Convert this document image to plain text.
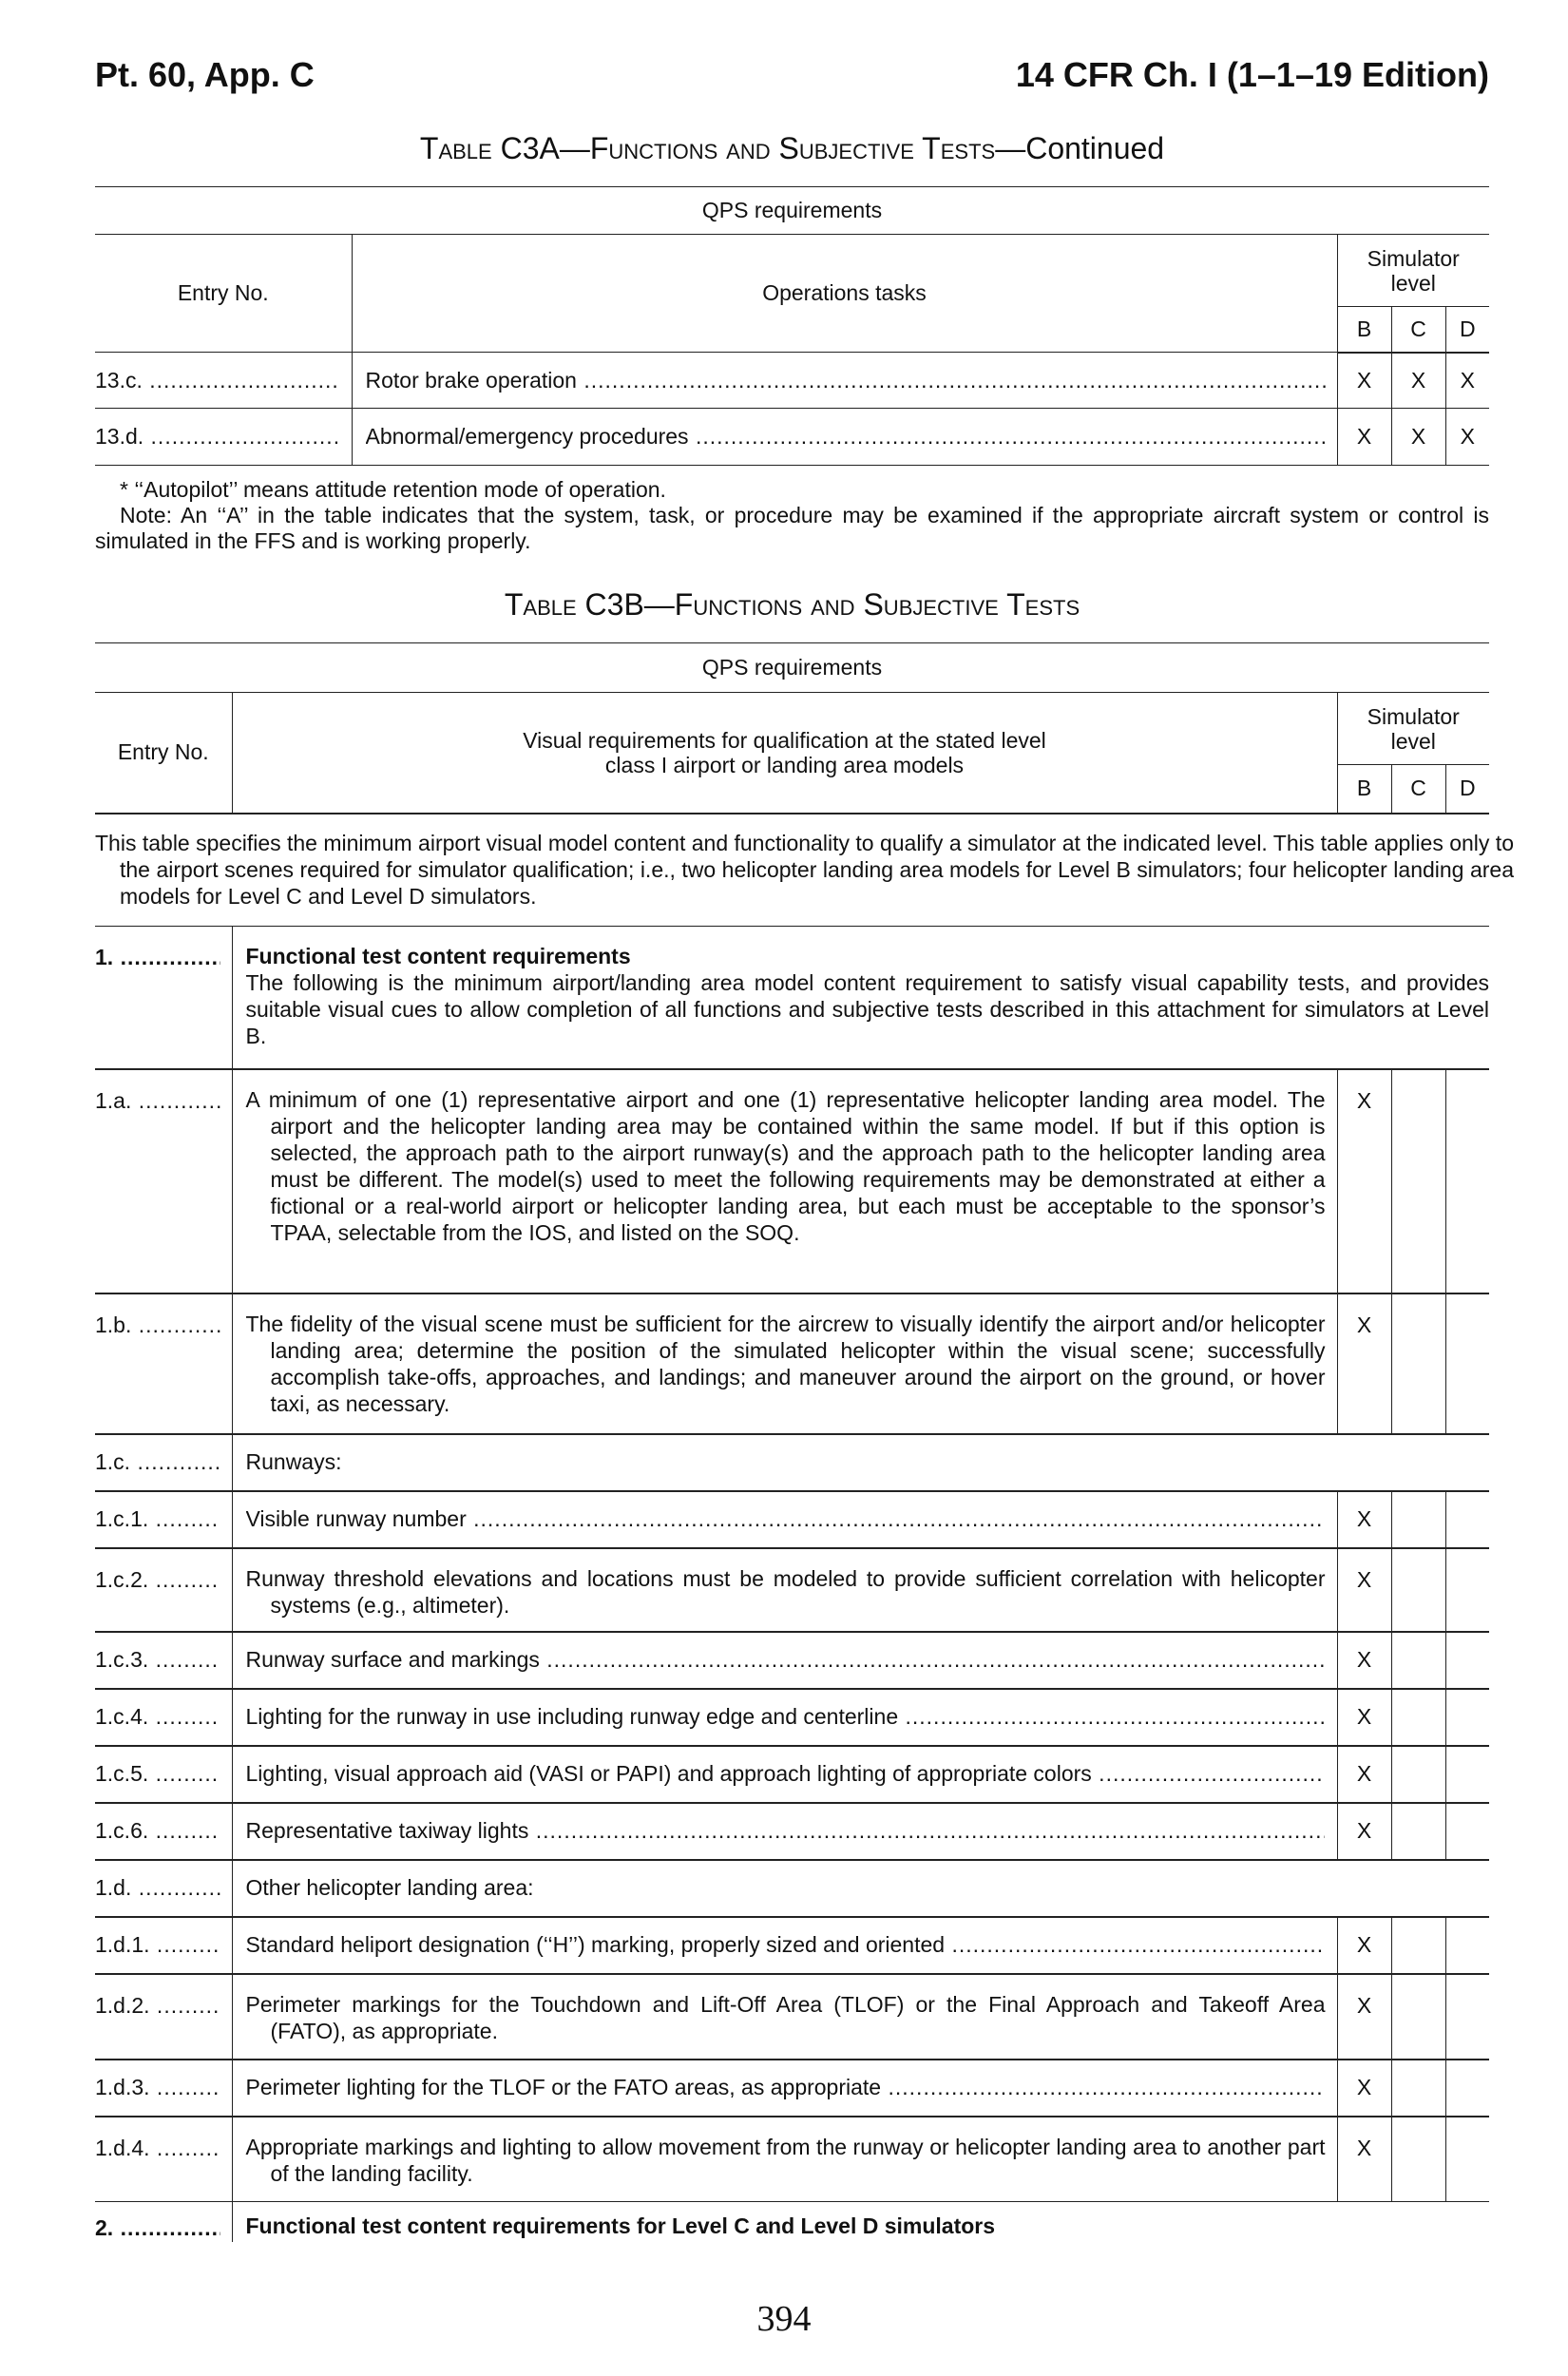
Pt. 60, App. C	14 CFR Ch. I (1–1–19 Edition)
Table C3A—Functions and Subjective Tests—Continued
QPS requirements				
Entry No.	Operations tasks	Simulator level		
		B	C	D

13.c. .....	Rotor brake operation .....	X	X	X

13.d. .....	Abnormal/emergency procedures .....	X	X	X
* ‘‘Autopilot’’ means attitude retention mode of operation.
Note: An ‘‘A’’ in the table indicates that the system, task, or procedure may be examined if the appropriate aircraft system or control is simulated in the FFS and is working properly.
Table C3B—Functions and Subjective Tests
QPS requirements				
Entry No.	Visual requirements for qualification at the stated level
class I airport or landing area models	Simulator level		
		B	C	D

This table specifies the minimum airport visual model content and functionality to qualify a simulator at the indicated level. This table applies only to the airport scenes required for simulator qualification; i.e., two helicopter landing area models for Level B simulators; four helicopter landing area models for Level C and Level D simulators.
1. .....	Functional test content requirements
The following is the minimum airport/landing area model content requirement to satisfy visual capability tests, and provides suitable visual cues to allow completion of all functions and subjective tests described in this attachment for simulators at Level B.			

1.a. .....	A minimum of one (1) representative airport and one (1) representative helicopter landing area model. The airport and the helicopter landing area may be contained within the same model. If but if this option is selected, the approach path to the airport runway(s) and the approach path to the helicopter landing area must be different. The model(s) used to meet the following requirements may be demonstrated at either a fictional or a real-world airport or helicopter landing area, but each must be acceptable to the sponsor’s TPAA, selectable from the IOS, and listed on the SOQ.	X		

1.b. .....	The fidelity of the visual scene must be sufficient for the aircrew to visually identify the airport and/or helicopter landing area; determine the position of the simulated helicopter within the visual scene; successfully accomplish take-offs, approaches, and landings; and maneuver around the airport on the ground, or hover taxi, as necessary.	X		

1.c. .....	Runways:			

1.c.1. .....	Visible runway number .....	X		

1.c.2. .....	Runway threshold elevations and locations must be modeled to provide sufficient correlation with helicopter systems (e.g., altimeter).	X		

1.c.3. .....	Runway surface and markings .....	X		

1.c.4. .....	Lighting for the runway in use including runway edge and centerline .....	X		

1.c.5. .....	Lighting, visual approach aid (VASI or PAPI) and approach lighting of appropriate colors .....	X		

1.c.6. .....	Representative taxiway lights .....	X		

1.d. .....	Other helicopter landing area:			

1.d.1. .....	Standard heliport designation (‘‘H’’) marking, properly sized and oriented .....	X		

1.d.2. .....	Perimeter markings for the Touchdown and Lift-Off Area (TLOF) or the Final Approach and Takeoff Area (FATO), as appropriate.	X		

1.d.3. .....	Perimeter lighting for the TLOF or the FATO areas, as appropriate .....	X		

1.d.4. .....	Appropriate markings and lighting to allow movement from the runway or helicopter landing area to another part of the landing facility.	X		

2. .....	Functional test content requirements for Level C and Level D simulators			
394
